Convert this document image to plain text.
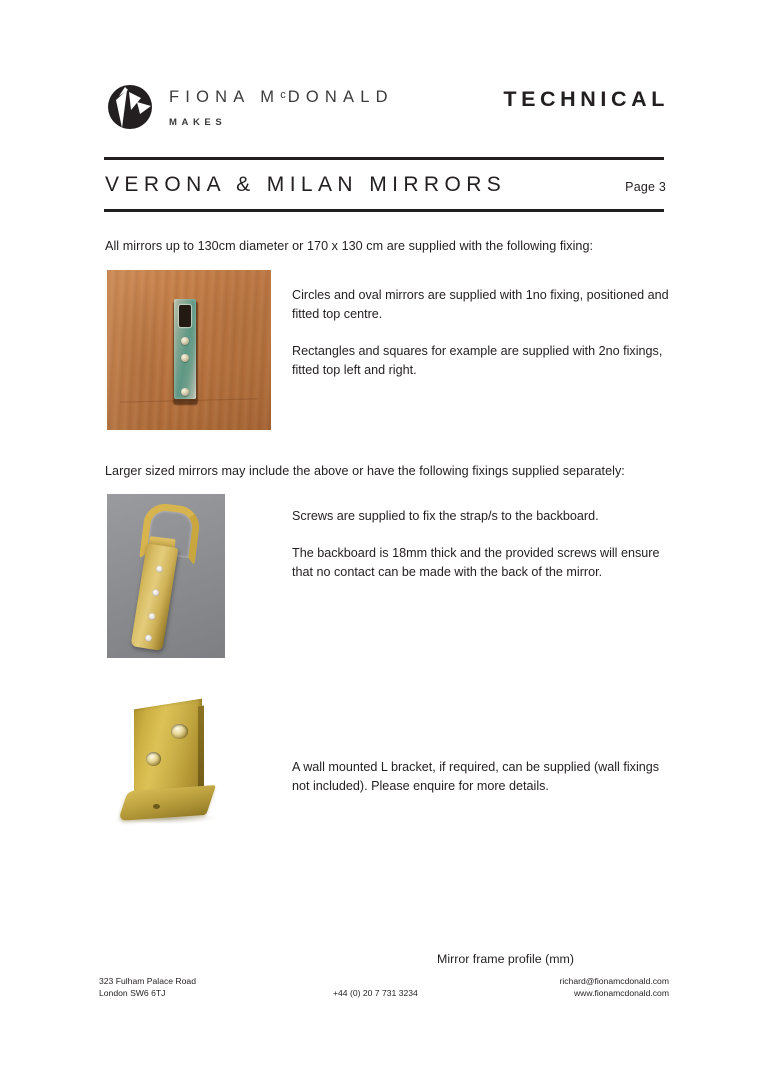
FIONA $M^cDONALD$
MAKES
TECHNICAL
VERONA & MILAN MIRRORS	Page 3
All mirrors up to 130cm diameter or 170 x 130 cm are supplied with the following fixing:

Circles and oval mirrors are supplied with 1no fixing, positioned and fitted top centre.

Rectangles and squares for example are supplied with 2no fixings, fitted top left and right.

Larger sized mirrors may include the above or have the following fixings supplied separately:

Screws are supplied to fix the strap/s to the backboard.

The backboard is 18mm thick and the provided screws will ensure that no contact can be made with the back of the mirror.

A wall mounted L bracket, if required, can be supplied (wall fixings not included). Please enquire for more details.

Mirror frame profile (mm)
323 Fulham Palace Road
London SW6 6TJ	+44 (0) 20 7 731 3234
richard@fionamcdonald.com
www.fionamcdonald.com
